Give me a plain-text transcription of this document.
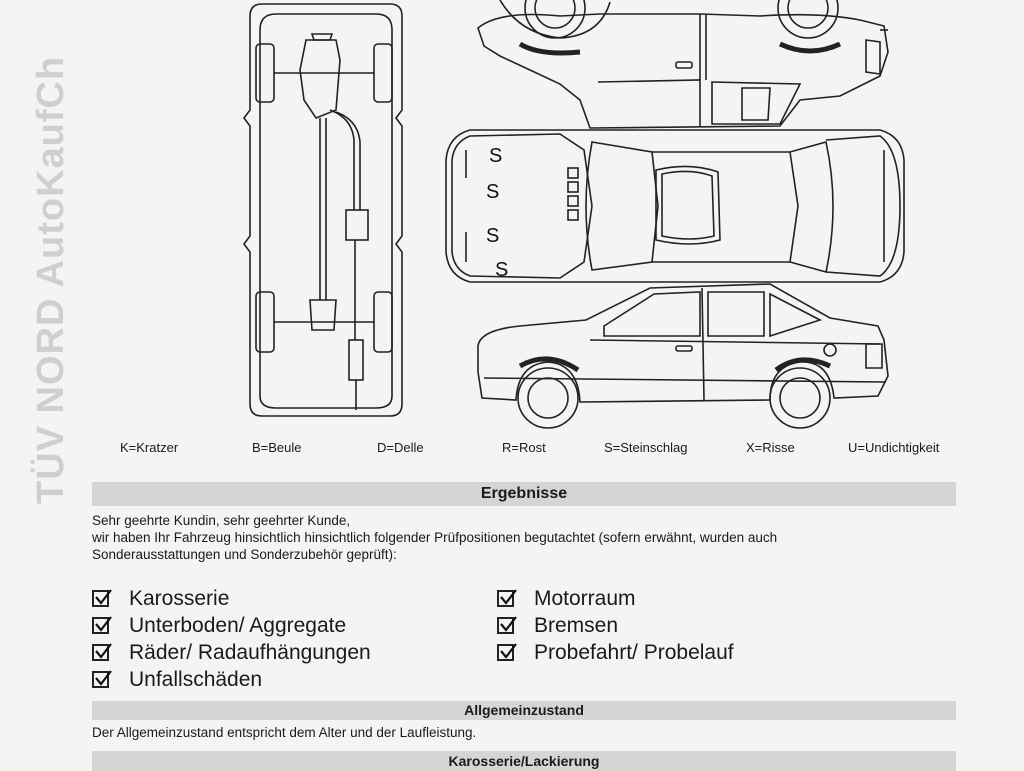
TÜV NORD AutoKaufCh	S
S
S
S
K=Kratzer	B=Beule	D=Delle	R=Rost	S=Steinschlag	X=Risse	U=Undichtigkeit
Ergebnisse
Sehr geehrte Kundin, sehr geehrter Kunde,
wir haben Ihr Fahrzeug hinsichtlich hinsichtlich folgender Prüfpositionen begutachtet (sofern erwähnt, wurden auch
Sonderausstattungen und Sonderzubehör geprüft):
Karosserie
Unterboden/ Aggregate
Räder/ Radaufhängungen
Unfallschäden
Motorraum
Bremsen
Probefahrt/ Probelauf
Allgemeinzustand
Der Allgemeinzustand entspricht dem Alter und der Laufleistung.
Karosserie/Lackierung
